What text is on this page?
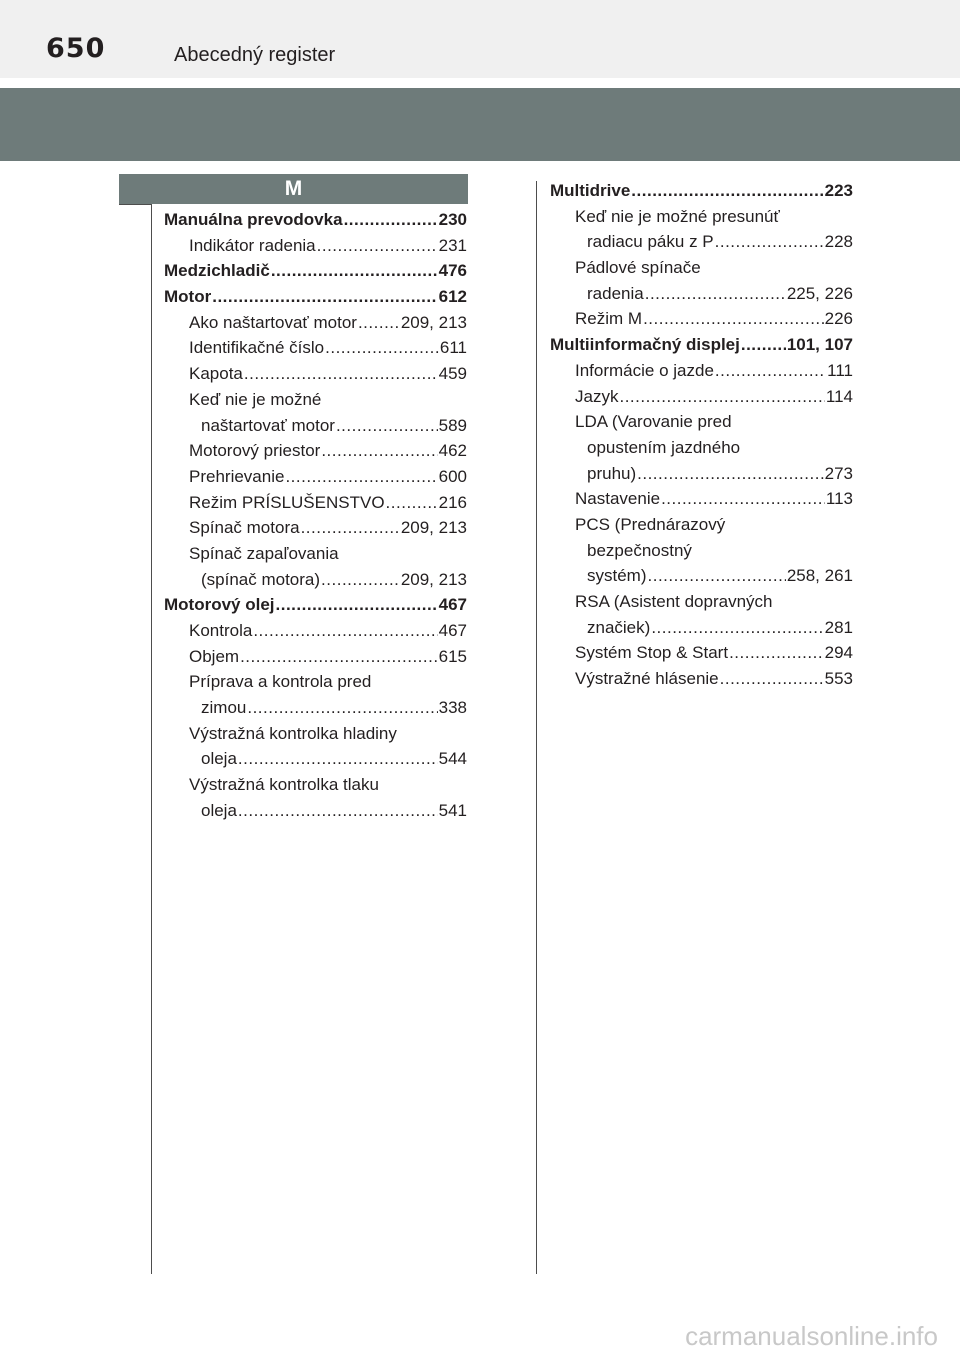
650	Abecedný register
M
Manuálna prevodovka .....	230
Indikátor radenia .....	231
Medzichladič .....	476
Motor .....	612
Ako naštartovať motor .....	209, 213
Identifikačné číslo .....	611
Kapota .....	459
Keď nie je možné
naštartovať motor .....	589
Motorový priestor .....	462
Prehrievanie .....	600
Režim PRÍSLUŠENSTVO .....	216
Spínač motora .....	209, 213
Spínač zapaľovania
(spínač motora) .....	209, 213
Motorový olej .....	467
Kontrola .....	467
Objem .....	615
Príprava a kontrola pred
zimou .....	338
Výstražná kontrolka hladiny
oleja .....	544
Výstražná kontrolka tlaku
oleja .....	541
Multidrive .....	223
Keď nie je možné presunúť
radiacu páku z P .....	228
Pádlové spínače
radenia .....	225, 226
Režim M .....	226
Multiinformačný displej .....	101, 107
Informácie o jazde .....	111
Jazyk .....	114
LDA (Varovanie pred
opustením jazdného
pruhu) .....	273
Nastavenie .....	113
PCS (Prednárazový
bezpečnostný
systém) .....	258, 261
RSA (Asistent dopravných
značiek) .....	281
Systém Stop & Start .....	294
Výstražné hlásenie .....	553
carmanualsonline.info
